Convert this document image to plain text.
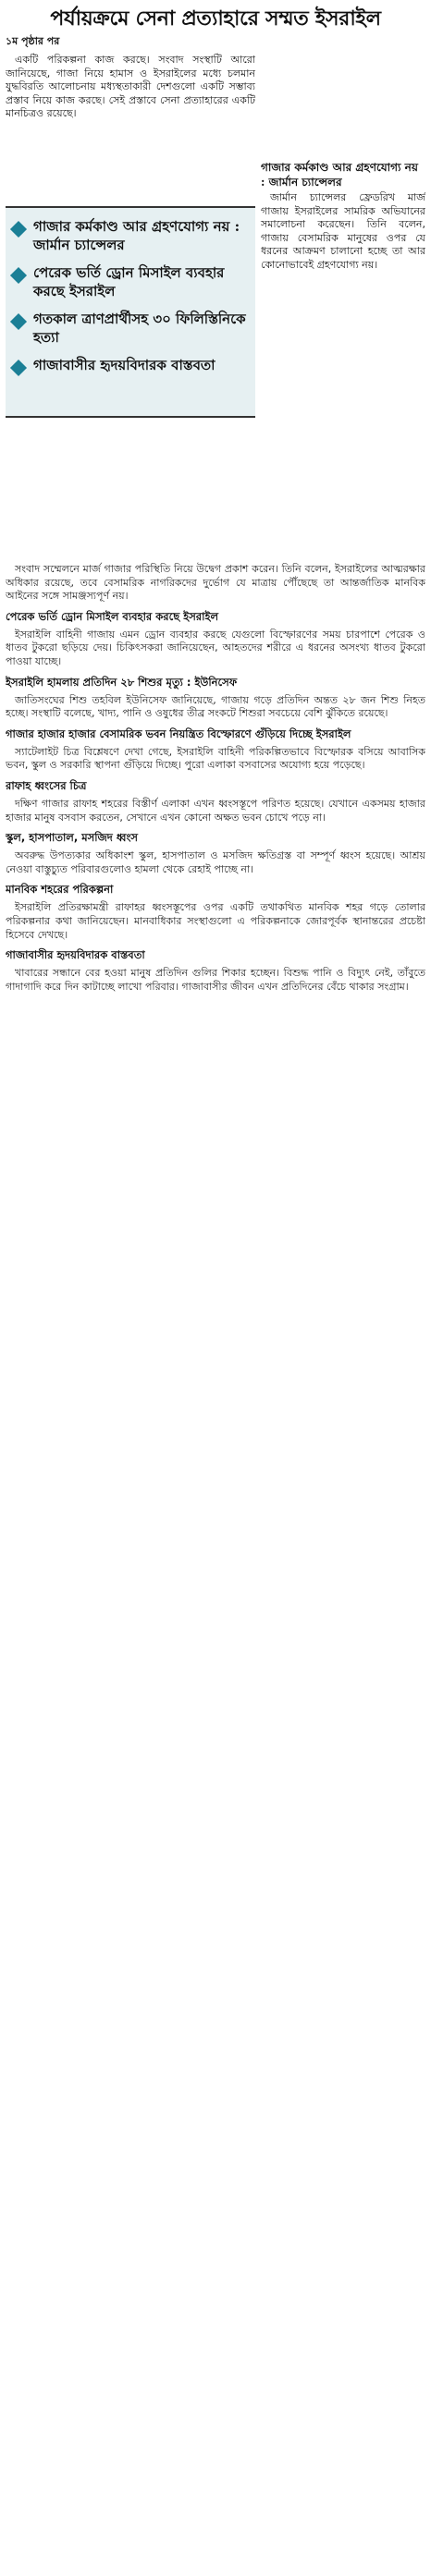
পর্যায়ক্রমে সেনা প্রত্যাহারে সম্মত ইসরাইল
১ম পৃষ্ঠার পর

একটি পরিকল্পনা কাজ করছে। সংবাদ সংস্থাটি আরো জানিয়েছে, গাজা নিয়ে হামাস ও ইসরাইলের মধ্যে চলমান যুদ্ধবিরতি আলোচনায় মধ্যস্থতাকারী দেশগুলো একটি সম্ভাব্য প্রস্তাব নিয়ে কাজ করছে। সেই প্রস্তাবে সেনা প্রত্যাহারের একটি মানচিত্রও রয়েছে।

গাজার কর্মকাণ্ড আর গ্রহণযোগ্য নয় : জার্মান চ্যান্সেলর
পেরেক ভর্তি ড্রোন মিসাইল ব্যবহার করছে ইসরাইল
গতকাল ত্রাণপ্রার্থীসহ ৩০ ফিলিস্তিনিকে হত্যা
গাজাবাসীর হৃদয়বিদারক বাস্তবতা
গাজার কর্মকাণ্ড আর গ্রহণযোগ্য নয় : জার্মান চ্যান্সেলর

জার্মান চ্যান্সেলর ফ্রেডরিখ মার্জ গাজায় ইসরাইলের সামরিক অভিযানের সমালোচনা করেছেন। তিনি বলেন, গাজায় বেসামরিক মানুষের ওপর যে ধরনের আক্রমণ চালানো হচ্ছে তা আর কোনোভাবেই গ্রহণযোগ্য নয়।

সংবাদ সম্মেলনে মার্জ গাজার পরিস্থিতি নিয়ে উদ্বেগ প্রকাশ করেন। তিনি বলেন, ইসরাইলের আত্মরক্ষার অধিকার রয়েছে, তবে বেসামরিক নাগরিকদের দুর্ভোগ যে মাত্রায় পৌঁছেছে তা আন্তর্জাতিক মানবিক আইনের সঙ্গে সামঞ্জস্যপূর্ণ নয়।

পেরেক ভর্তি ড্রোন মিসাইল ব্যবহার করছে ইসরাইল

ইসরাইলি বাহিনী গাজায় এমন ড্রোন ব্যবহার করছে যেগুলো বিস্ফোরণের সময় চারপাশে পেরেক ও ধাতব টুকরো ছড়িয়ে দেয়। চিকিৎসকরা জানিয়েছেন, আহতদের শরীরে এ ধরনের অসংখ্য ধাতব টুকরো পাওয়া যাচ্ছে।

ইসরাইলি হামলায় প্রতিদিন ২৮ শিশুর মৃত্যু : ইউনিসেফ

জাতিসংঘের শিশু তহবিল ইউনিসেফ জানিয়েছে, গাজায় গড়ে প্রতিদিন অন্তত ২৮ জন শিশু নিহত হচ্ছে। সংস্থাটি বলেছে, খাদ্য, পানি ও ওষুধের তীব্র সংকটে শিশুরা সবচেয়ে বেশি ঝুঁকিতে রয়েছে।

গাজার হাজার হাজার বেসামরিক ভবন নিয়ন্ত্রিত বিস্ফোরণে গুঁড়িয়ে দিচ্ছে ইসরাইল

স্যাটেলাইট চিত্র বিশ্লেষণে দেখা গেছে, ইসরাইলি বাহিনী পরিকল্পিতভাবে বিস্ফোরক বসিয়ে আবাসিক ভবন, স্কুল ও সরকারি স্থাপনা গুঁড়িয়ে দিচ্ছে। পুরো এলাকা বসবাসের অযোগ্য হয়ে পড়েছে।

রাফাহ ধ্বংসের চিত্র

দক্ষিণ গাজার রাফাহ শহরের বিস্তীর্ণ এলাকা এখন ধ্বংসস্তূপে পরিণত হয়েছে। যেখানে একসময় হাজার হাজার মানুষ বসবাস করতেন, সেখানে এখন কোনো অক্ষত ভবন চোখে পড়ে না।

স্কুল, হাসপাতাল, মসজিদ ধ্বংস

অবরুদ্ধ উপত্যকার অধিকাংশ স্কুল, হাসপাতাল ও মসজিদ ক্ষতিগ্রস্ত বা সম্পূর্ণ ধ্বংস হয়েছে। আশ্রয় নেওয়া বাস্তুচ্যুত পরিবারগুলোও হামলা থেকে রেহাই পাচ্ছে না।

মানবিক শহরের পরিকল্পনা

ইসরাইলি প্রতিরক্ষামন্ত্রী রাফাহর ধ্বংসস্তূপের ওপর একটি তথাকথিত মানবিক শহর গড়ে তোলার পরিকল্পনার কথা জানিয়েছেন। মানবাধিকার সংস্থাগুলো এ পরিকল্পনাকে জোরপূর্বক স্থানান্তরের প্রচেষ্টা হিসেবে দেখছে।

গাজাবাসীর হৃদয়বিদারক বাস্তবতা

খাবারের সন্ধানে বের হওয়া মানুষ প্রতিদিন গুলির শিকার হচ্ছেন। বিশুদ্ধ পানি ও বিদ্যুৎ নেই, তাঁবুতে গাদাগাদি করে দিন কাটাচ্ছে লাখো পরিবার। গাজাবাসীর জীবন এখন প্রতিদিনের বেঁচে থাকার সংগ্রাম।
